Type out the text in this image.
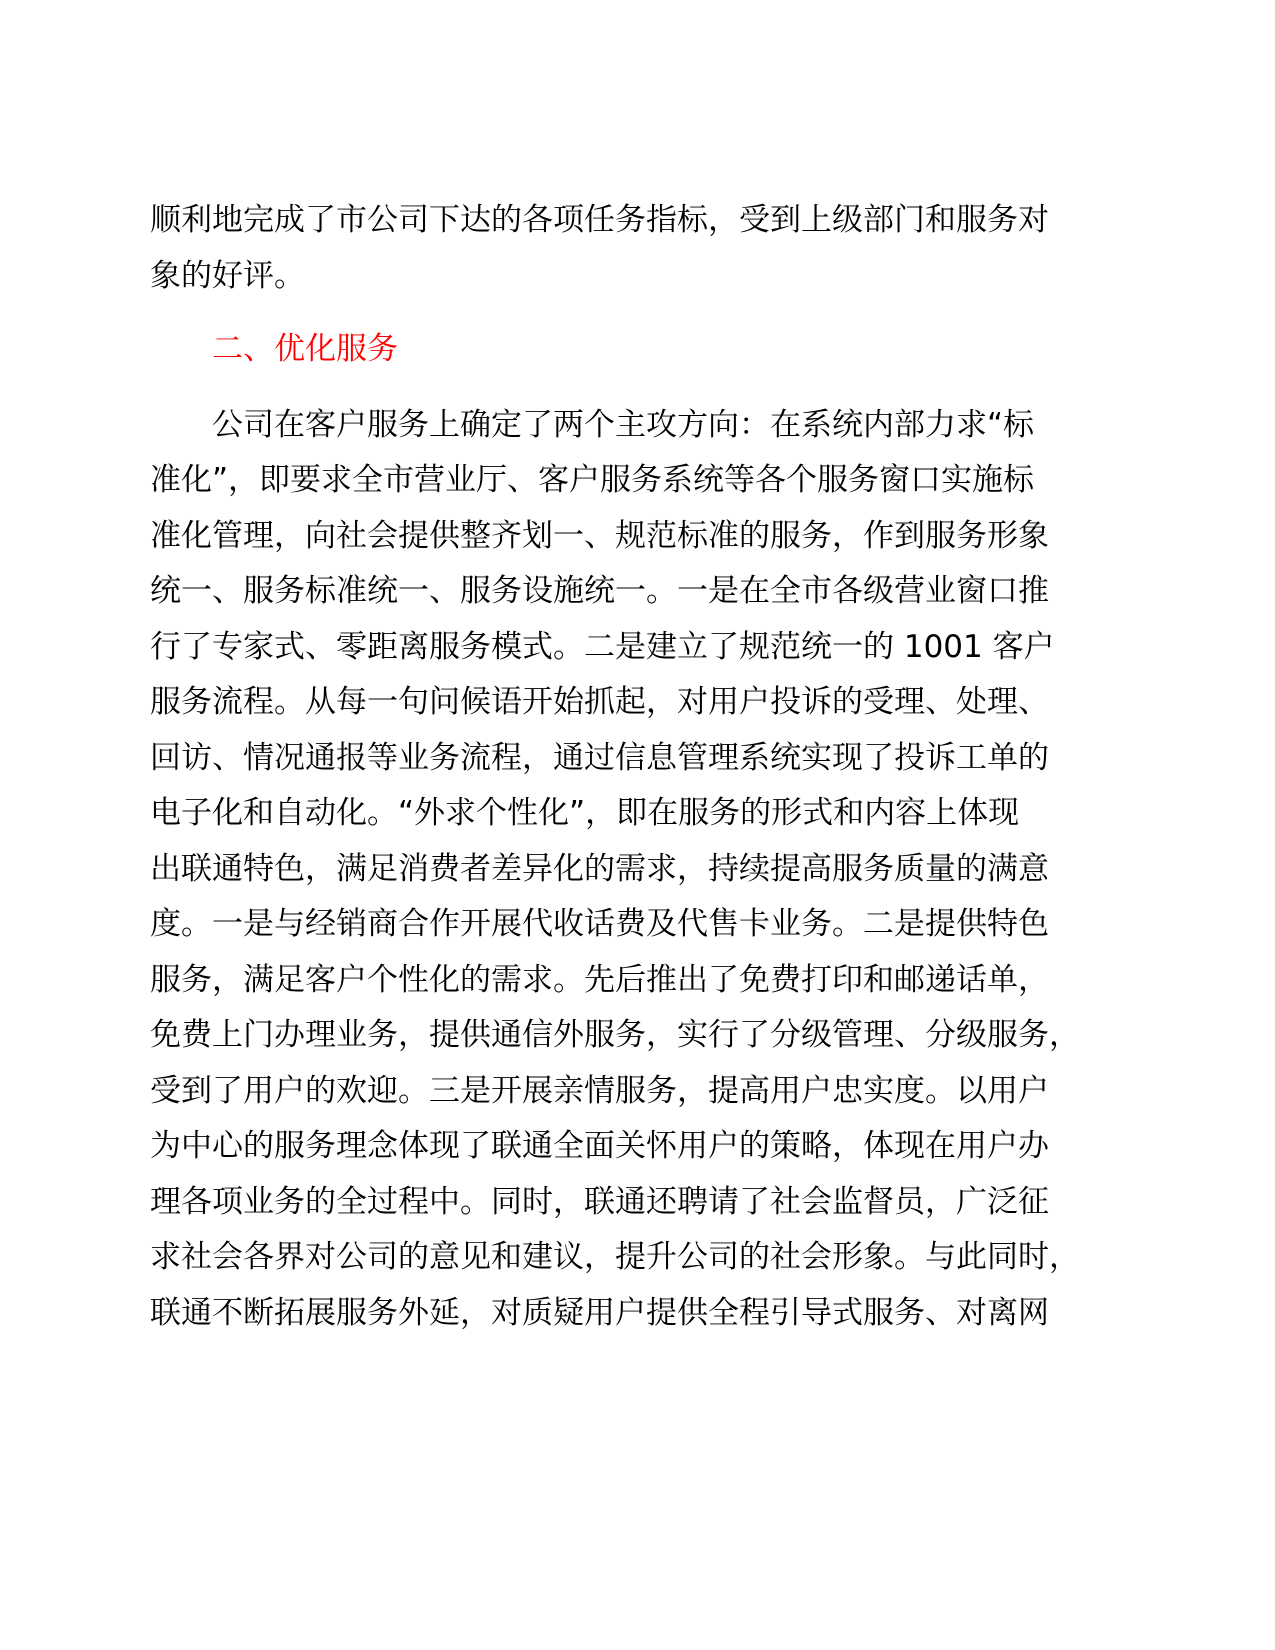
顺利地完成了市公司下达的各项任务指标，受到上级部门和服务对
象的好评。
二、优化服务
公司在客户服务上确定了两个主攻方向：在系统内部力求“标
准化”，即要求全市营业厅、客户服务系统等各个服务窗口实施标
准化管理，向社会提供整齐划一、规范标准的服务，作到服务形象
统一、服务标准统一、服务设施统一。一是在全市各级营业窗口推
行了专家式、零距离服务模式。二是建立了规范统一的 1001 客户
服务流程。从每一句问候语开始抓起，对用户投诉的受理、处理、
回访、情况通报等业务流程，通过信息管理系统实现了投诉工单的
电子化和自动化。“外求个性化”，即在服务的形式和内容上体现
出联通特色，满足消费者差异化的需求，持续提高服务质量的满意
度。一是与经销商合作开展代收话费及代售卡业务。二是提供特色
服务，满足客户个性化的需求。先后推出了免费打印和邮递话单，
免费上门办理业务，提供通信外服务，实行了分级管理、分级服务，
受到了用户的欢迎。三是开展亲情服务，提高用户忠实度。以用户
为中心的服务理念体现了联通全面关怀用户的策略，体现在用户办
理各项业务的全过程中。同时，联通还聘请了社会监督员，广泛征
求社会各界对公司的意见和建议，提升公司的社会形象。与此同时，
联通不断拓展服务外延，对质疑用户提供全程引导式服务、对离网
